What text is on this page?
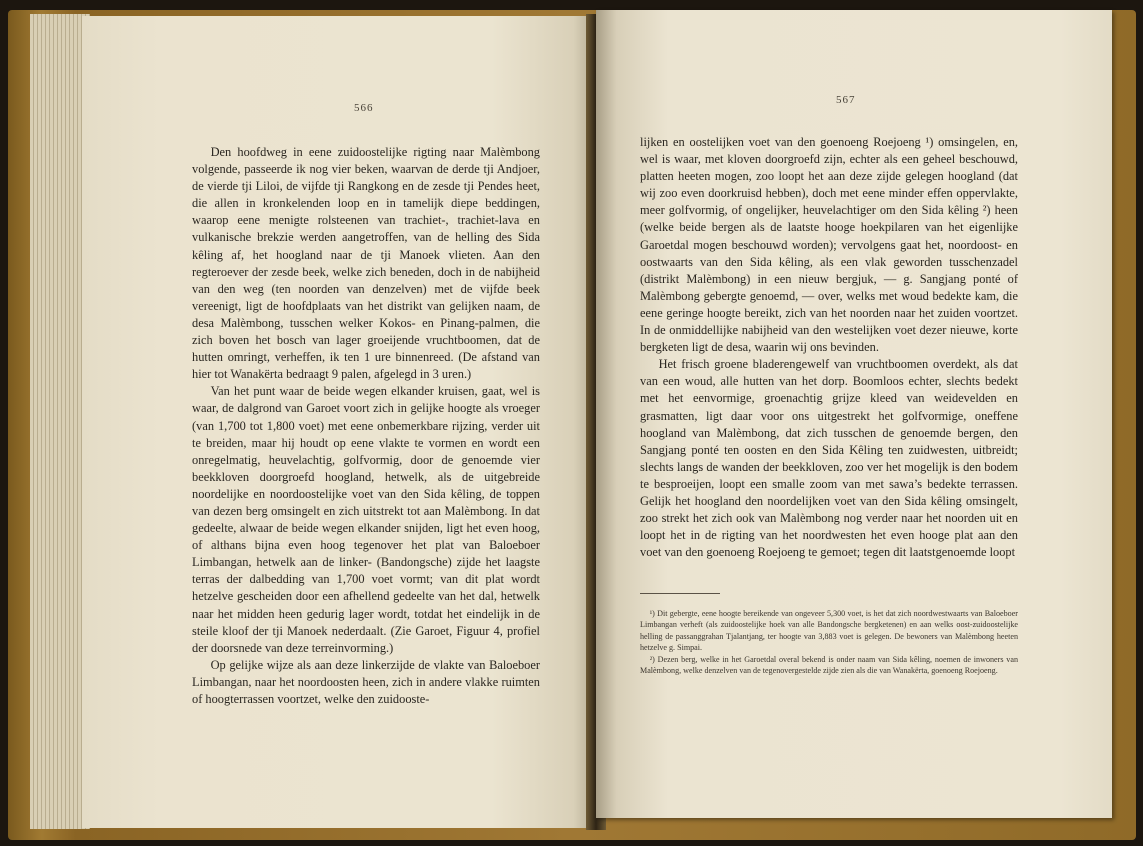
566

Den hoofdweg in eene zuidoostelijke rigting naar Malèmbong volgende, passeerde ik nog vier beken, waarvan de derde tji Andjoer, de vierde tji Liloi, de vijfde tji Rangkong en de zesde tji Pendes heet, die allen in kronkelenden loop en in tamelijk diepe beddingen, waarop eene menigte rolsteenen van trachiet-, trachiet-lava en vulkanische brekzie werden aangetroffen, van de helling des Sida kêling af, het hoogland naar de tji Manoek vlieten. Aan den regteroever der zesde beek, welke zich beneden, doch in de nabijheid van den weg (ten noorden van denzelven) met de vijfde beek vereenigt, ligt de hoofdplaats van het distrikt van gelijken naam, de desa Malèmbong, tusschen welker Kokos- en Pinang-palmen, die zich boven het bosch van lager groeijende vruchtboomen, dat de hutten omringt, verheffen, ik ten 1 ure binnenreed. (De afstand van hier tot Wanakërta bedraagt 9 palen, afgelegd in 3 uren.)

Van het punt waar de beide wegen elkander kruisen, gaat, wel is waar, de dalgrond van Garoet voort zich in gelijke hoogte als vroeger (van 1,700 tot 1,800 voet) met eene onbemerkbare rijzing, verder uit te breiden, maar hij houdt op eene vlakte te vormen en wordt een onregelmatig, heuvelachtig, golfvormig, door de genoemde vier beekkloven doorgroefd hoogland, hetwelk, als de uitgebreide noordelijke en noordoostelijke voet van den Sida kêling, de toppen van dezen berg omsingelt en zich uitstrekt tot aan Malèmbong. In dat gedeelte, alwaar de beide wegen elkander snijden, ligt het even hoog, of althans bijna even hoog tegenover het plat van Baloeboer Limbangan, hetwelk aan de linker- (Bandongsche) zijde het laagste terras der dalbedding van 1,700 voet vormt; van dit plat wordt hetzelve gescheiden door een afhellend gedeelte van het dal, hetwelk naar het midden heen gedurig lager wordt, totdat het eindelijk in de steile kloof der tji Manoek nederdaalt. (Zie Garoet, Figuur 4, profiel der doorsnede van deze terreinvorming.)

Op gelijke wijze als aan deze linkerzijde de vlakte van Baloeboer Limbangan, naar het noordoosten heen, zich in andere vlakke ruimten of hoogterrassen voortzet, welke den zuidooste-

567

lijken en oostelijken voet van den goenoeng Roejoeng ¹) omsingelen, en, wel is waar, met kloven doorgroefd zijn, echter als een geheel beschouwd, platten heeten mogen, zoo loopt het aan deze zijde gelegen hoogland (dat wij zoo even doorkruisd hebben), doch met eene minder effen oppervlakte, meer golfvormig, of ongelijker, heuvelachtiger om den Sida kêling ²) heen (welke beide bergen als de laatste hooge hoekpilaren van het eigenlijke Garoetdal mogen beschouwd worden); vervolgens gaat het, noordoost- en oostwaarts van den Sida kêling, als een vlak geworden tusschenzadel (distrikt Malèmbong) in een nieuw bergjuk, — g. Sangjang ponté of Malèmbong gebergte genoemd, — over, welks met woud bedekte kam, die eene geringe hoogte bereikt, zich van het noorden naar het zuiden voortzet. In de onmiddellijke nabijheid van den westelijken voet dezer nieuwe, korte bergketen ligt de desa, waarin wij ons bevinden.

Het frisch groene bladerengewelf van vruchtboomen overdekt, als dat van een woud, alle hutten van het dorp. Boomloos echter, slechts bedekt met het eenvormige, groenachtig grijze kleed van weidevelden en grasmatten, ligt daar voor ons uitgestrekt het golfvormige, oneffene hoogland van Malèmbong, dat zich tusschen de genoemde bergen, den Sangjang ponté ten oosten en den Sida Kêling ten zuidwesten, uitbreidt; slechts langs de wanden der beekkloven, zoo ver het mogelijk is den bodem te besproeijen, loopt een smalle zoom van met sawa’s bedekte terrassen. Gelijk het hoogland den noordelijken voet van den Sida kêling omsingelt, zoo strekt het zich ook van Malèmbong nog verder naar het noorden uit en loopt het in de rigting van het noordwesten het even hooge plat aan den voet van den goenoeng Roejoeng te gemoet; tegen dit laatstgenoemde loopt

¹) Dit gebergte, eene hoogte bereikende van ongeveer 5,300 voet, is het dat zich noordwestwaarts van Baloeboer Limbangan verheft (als zuidoostelijke hoek van alle Bandongsche bergketenen) en aan welks oost-zuidoostelijke helling de passanggrahan Tjalantjang, ter hoogte van 3,883 voet is gelegen. De bewoners van Malèmbong heeten hetzelve g. Simpai.

²) Dezen berg, welke in het Garoetdal overal bekend is onder naam van Sida kêling, noemen de inwoners van Malèmbong, welke denzelven van de tegenovergestelde zijde zien als die van Wanakërta, goenoeng Roejoeng.
